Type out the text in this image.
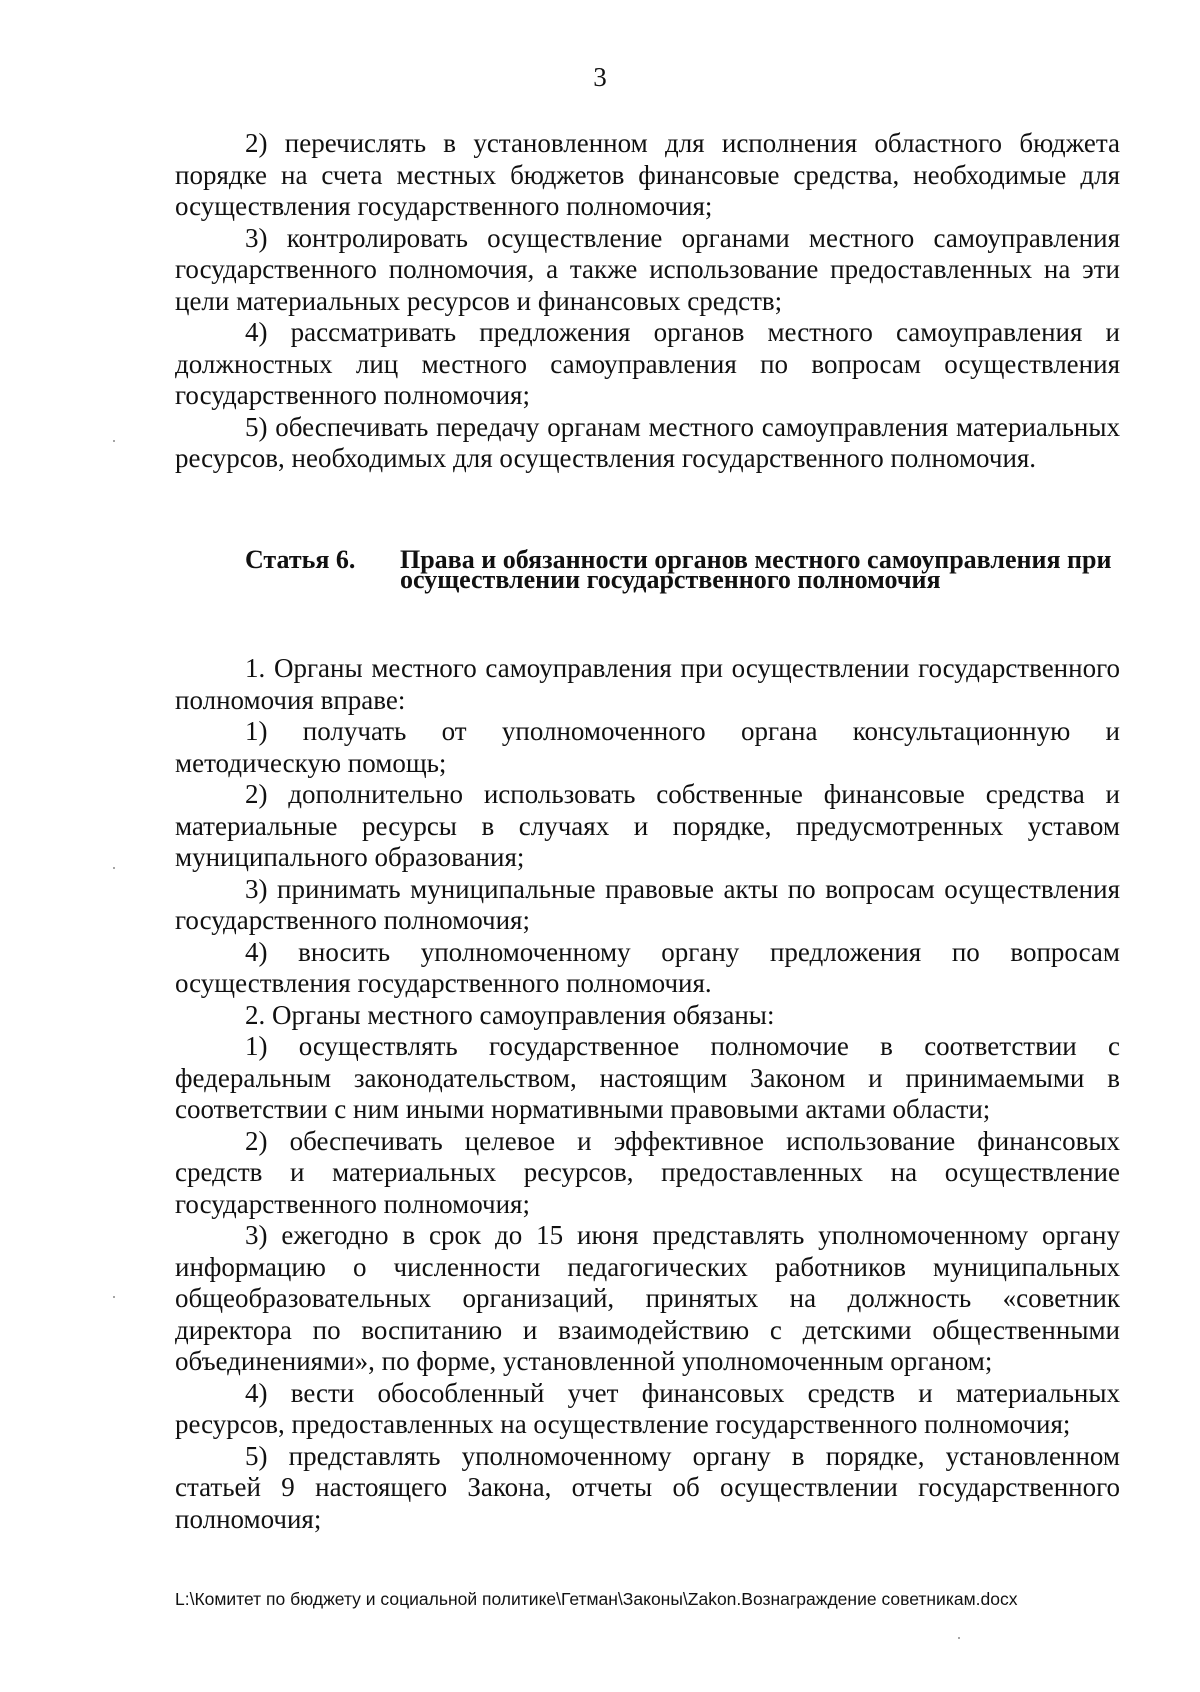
3

2) перечислять в установленном для исполнения областного бюджета порядке на счета местных бюджетов финансовые средства, необходимые для осуществления государственного полномочия;

3) контролировать осуществление органами местного самоуправления государственного полномочия, а также использование предоставленных на эти цели материальных ресурсов и финансовых средств;

4) рассматривать предложения органов местного самоуправления и должностных лиц местного самоуправления по вопросам осуществления государственного полномочия;

5) обеспечивать передачу органам местного самоуправления материальных ресурсов, необходимых для осуществления государственного полномочия.

Статья 6. Права и обязанности органов местного самоуправления при осуществлении государственного полномочия

1. Органы местного самоуправления при осуществлении государственного полномочия вправе:

1) получать от уполномоченного органа консультационную и методическую помощь;

2) дополнительно использовать собственные финансовые средства и материальные ресурсы в случаях и порядке, предусмотренных уставом муниципального образования;

3) принимать муниципальные правовые акты по вопросам осуществления государственного полномочия;

4) вносить уполномоченному органу предложения по вопросам осуществления государственного полномочия.

2. Органы местного самоуправления обязаны:

1) осуществлять государственное полномочие в соответствии с федеральным законодательством, настоящим Законом и принимаемыми в соответствии с ним иными нормативными правовыми актами области;

2) обеспечивать целевое и эффективное использование финансовых средств и материальных ресурсов, предоставленных на осуществление государственного полномочия;

3) ежегодно в срок до 15 июня представлять уполномоченному органу информацию о численности педагогических работников муниципальных общеобразовательных организаций, принятых на должность «советник директора по воспитанию и взаимодействию с детскими общественными объединениями», по форме, установленной уполномоченным органом;

4) вести обособленный учет финансовых средств и материальных ресурсов, предоставленных на осуществление государственного полномочия;

5) представлять уполномоченному органу в порядке, установленном статьей 9 настоящего Закона, отчеты об осуществлении государственного полномочия;

L:\Комитет по бюджету и социальной политике\Гетман\Законы\Zakon.Вознаграждение советникам.docx
